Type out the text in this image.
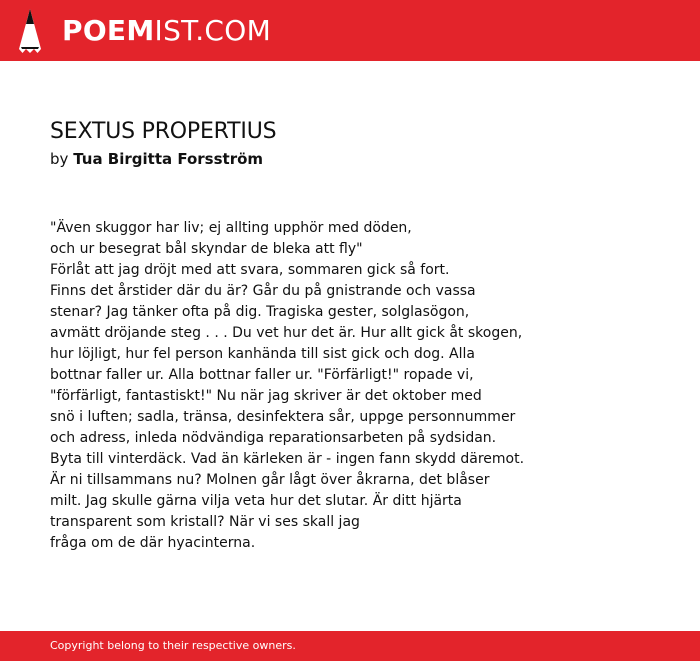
POEMIST.COM
SEXTUS PROPERTIUS
by Tua Birgitta Forsström
"Även skuggor har liv; ej allting upphör med döden,
och ur besegrat bål skyndar de bleka att fly"
Förlåt att jag dröjt med att svara, sommaren gick så fort.
Finns det årstider där du är? Går du på gnistrande och vassa
stenar? Jag tänker ofta på dig. Tragiska gester, solglasögon,
avmätt dröjande steg . . . Du vet hur det är. Hur allt gick åt skogen,
hur löjligt, hur fel person kanhända till sist gick och dog. Alla
bottnar faller ur. Alla bottnar faller ur. "Förfärligt!" ropade vi,
"förfärligt, fantastiskt!" Nu när jag skriver är det oktober med
snö i luften; sadla, tränsa, desinfektera sår, uppge personnummer
och adress, inleda nödvändiga reparationsarbeten på sydsidan.
Byta till vinterdäck. Vad än kärleken är - ingen fann skydd däremot.
Är ni tillsammans nu? Molnen går lågt över åkrarna, det blåser
milt. Jag skulle gärna vilja veta hur det slutar. Är ditt hjärta
transparent som kristall? När vi ses skall jag
fråga om de där hyacinterna.
Copyright belong to their respective owners.
